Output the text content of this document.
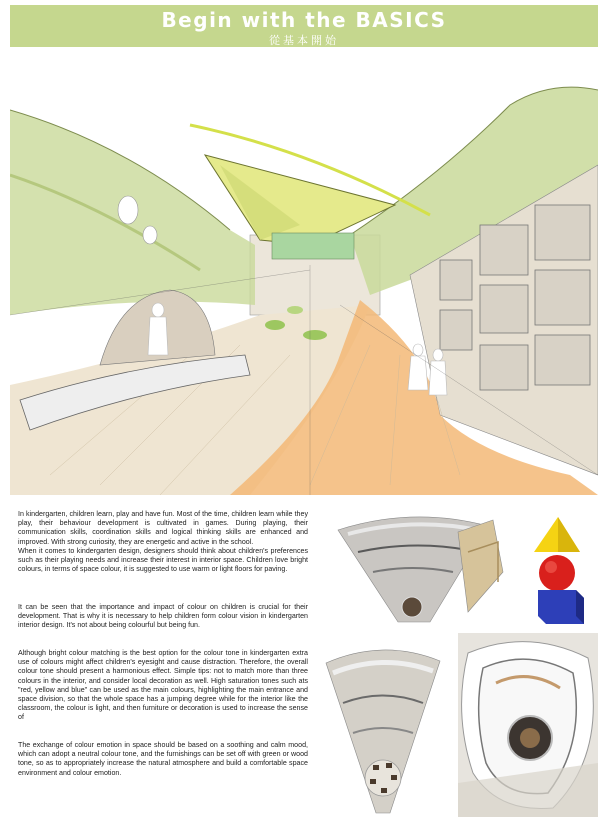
Begin with the BASICS
從基本開始

In kindergarten, children learn, play and have fun. Most of the time, children learn while they play, their behaviour development is cultivated in games. During playing, their communication skills, coordination skills and logical thinking skills are enhanced and improved. With strong curiosity, they are energetic and active in the school.

When it comes to kindergarten design, designers should think about children's preferences such as their playing needs and increase their interest in interior space. Children love bright colours, in terms of space colour, it is suggested to use warm or light floors for paving.

It can be seen that the importance and impact of colour on children is crucial for their development. That is why it is necessary to help children form colour vision in kindergarten interior design. It's not about being colourful but being fun.

Although bright colour matching is the best option for the colour tone in kindergarten extra use of colours might affect children's eyesight and cause distraction. Therefore, the overall colour tone should present a harmonious effect. Simple tips: not to match more than three colours in the interior, and consider local decoration as well. High saturation tones such ats "red, yellow and blue" can be used as the main colours, highlighting the main entrance and space division, so that the whole space has a jumping degree while for the interior like the classroom, the colour is light, and then furniture or decoration is used to increase the sense of

The exchange of colour emotion in space should be based on a soothing and calm mood, which can adopt a neutral colour tone, and the furnishings can be set off with green or wood tone, so as to appropriately increase the natural atmosphere and build a comfortable space environment and colour emotion.
